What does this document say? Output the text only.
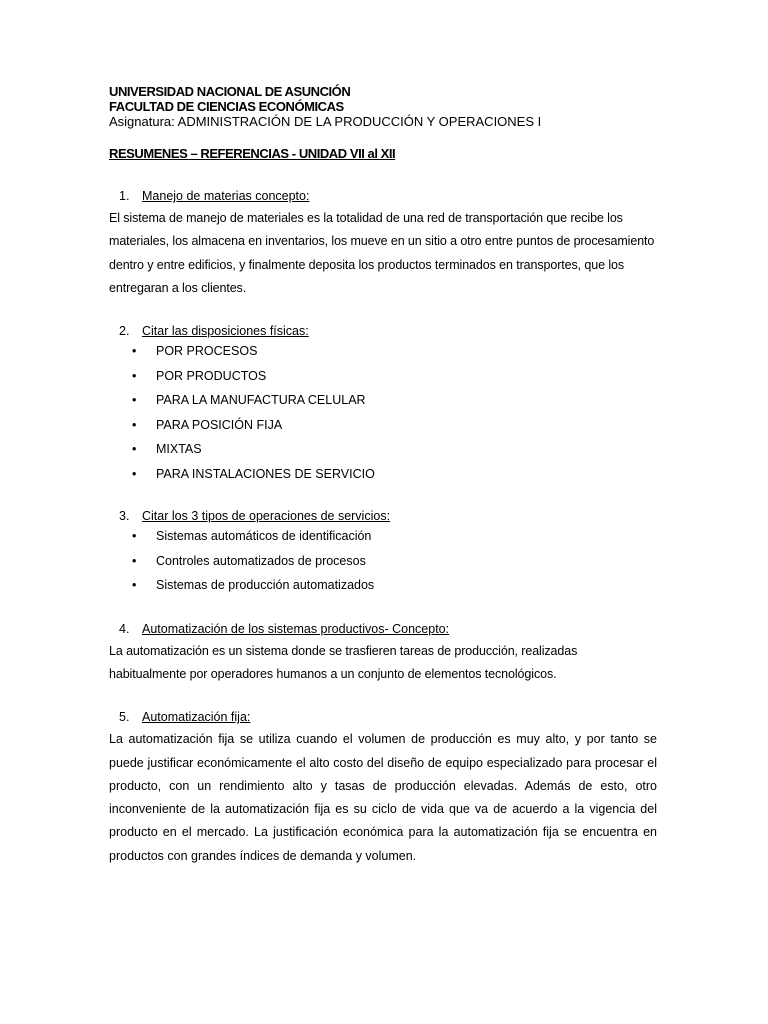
UNIVERSIDAD NACIONAL DE ASUNCIÓN

FACULTAD DE CIENCIAS ECONÓMICAS

Asignatura: ADMINISTRACIÓN DE LA PRODUCCIÓN Y OPERACIONES I

RESUMENES – REFERENCIAS - UNIDAD VII al XII
1. Manejo de materias concepto:

El sistema de manejo de materiales es la totalidad de una red de transportación que recibe los materiales, los almacena en inventarios, los mueve en un sitio a otro entre puntos de procesamiento dentro y entre edificios, y finalmente deposita los productos terminados en transportes, que los entregaran a los clientes.

2. Citar las disposiciones físicas:
• POR PROCESOS
• POR PRODUCTOS
• PARA LA MANUFACTURA CELULAR
• PARA POSICIÓN FIJA
• MIXTAS
• PARA INSTALACIONES DE SERVICIO
3. Citar los 3 tipos de operaciones de servicios:
• Sistemas automáticos de identificación
• Controles automatizados de procesos
• Sistemas de producción automatizados
4. Automatización de los sistemas productivos- Concepto:

La automatización es un sistema donde se trasfieren tareas de producción, realizadas habitualmente por operadores humanos a un conjunto de elementos tecnológicos.

5. Automatización fija:

La automatización fija se utiliza cuando el volumen de producción es muy alto, y por tanto se puede justificar económicamente el alto costo del diseño de equipo especializado para procesar el producto, con un rendimiento alto y tasas de producción elevadas. Además de esto, otro inconveniente de la automatización fija es su ciclo de vida que va de acuerdo a la vigencia del producto en el mercado. La justificación económica para la automatización fija se encuentra en productos con grandes índices de demanda y volumen.
